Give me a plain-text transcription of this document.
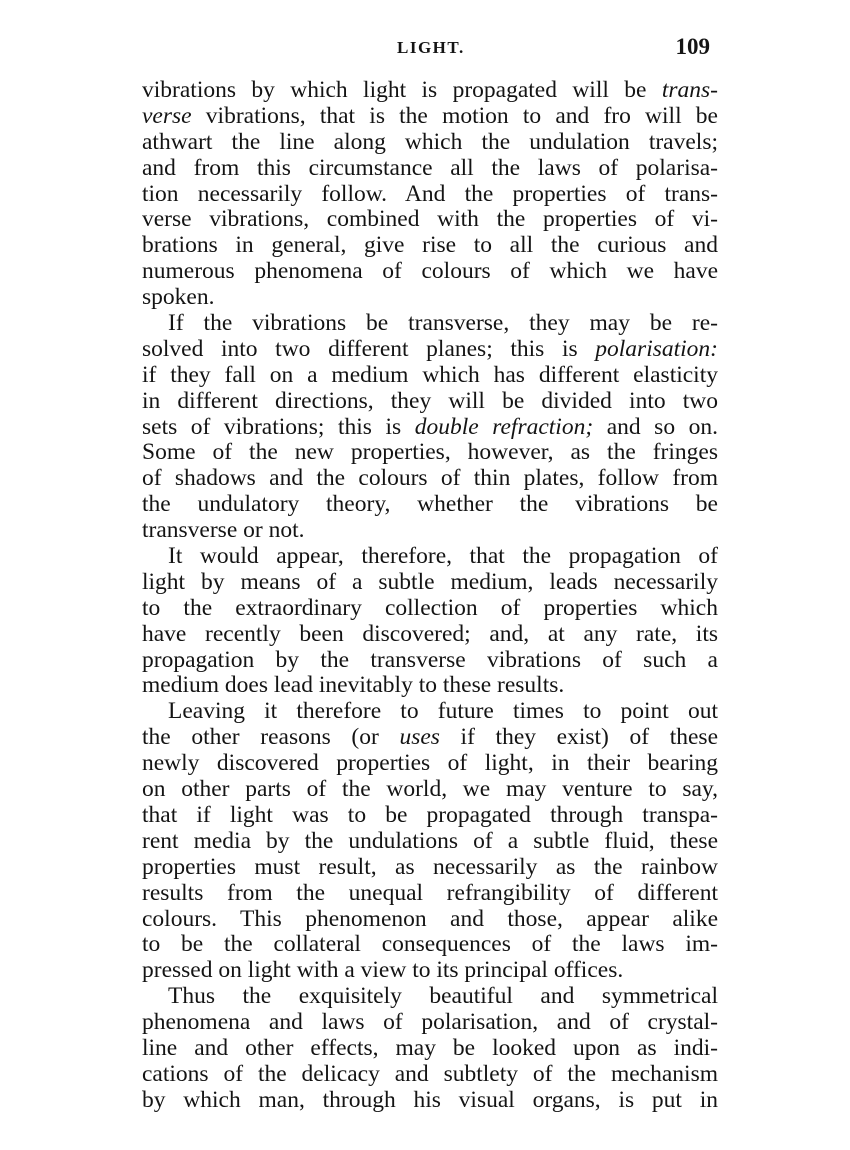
LIGHT.	109
vibrations by which light is propagated will be trans-
verse vibrations, that is the motion to and fro will be
athwart the line along which the undulation travels;
and from this circumstance all the laws of polarisa-
tion necessarily follow. And the properties of trans-
verse vibrations, combined with the properties of vi-
brations in general, give rise to all the curious and
numerous phenomena of colours of which we have
spoken.
If the vibrations be transverse, they may be re-
solved into two different planes; this is polarisation:
if they fall on a medium which has different elasticity
in different directions, they will be divided into two
sets of vibrations; this is double refraction; and so on.
Some of the new properties, however, as the fringes
of shadows and the colours of thin plates, follow from
the undulatory theory, whether the vibrations be
transverse or not.
It would appear, therefore, that the propagation of
light by means of a subtle medium, leads necessarily
to the extraordinary collection of properties which
have recently been discovered; and, at any rate, its
propagation by the transverse vibrations of such a
medium does lead inevitably to these results.
Leaving it therefore to future times to point out
the other reasons (or uses if they exist) of these
newly discovered properties of light, in their bearing
on other parts of the world, we may venture to say,
that if light was to be propagated through transpa-
rent media by the undulations of a subtle fluid, these
properties must result, as necessarily as the rainbow
results from the unequal refrangibility of different
colours. This phenomenon and those, appear alike
to be the collateral consequences of the laws im-
pressed on light with a view to its principal offices.
Thus the exquisitely beautiful and symmetrical
phenomena and laws of polarisation, and of crystal-
line and other effects, may be looked upon as indi-
cations of the delicacy and subtlety of the mechanism
by which man, through his visual organs, is put in
